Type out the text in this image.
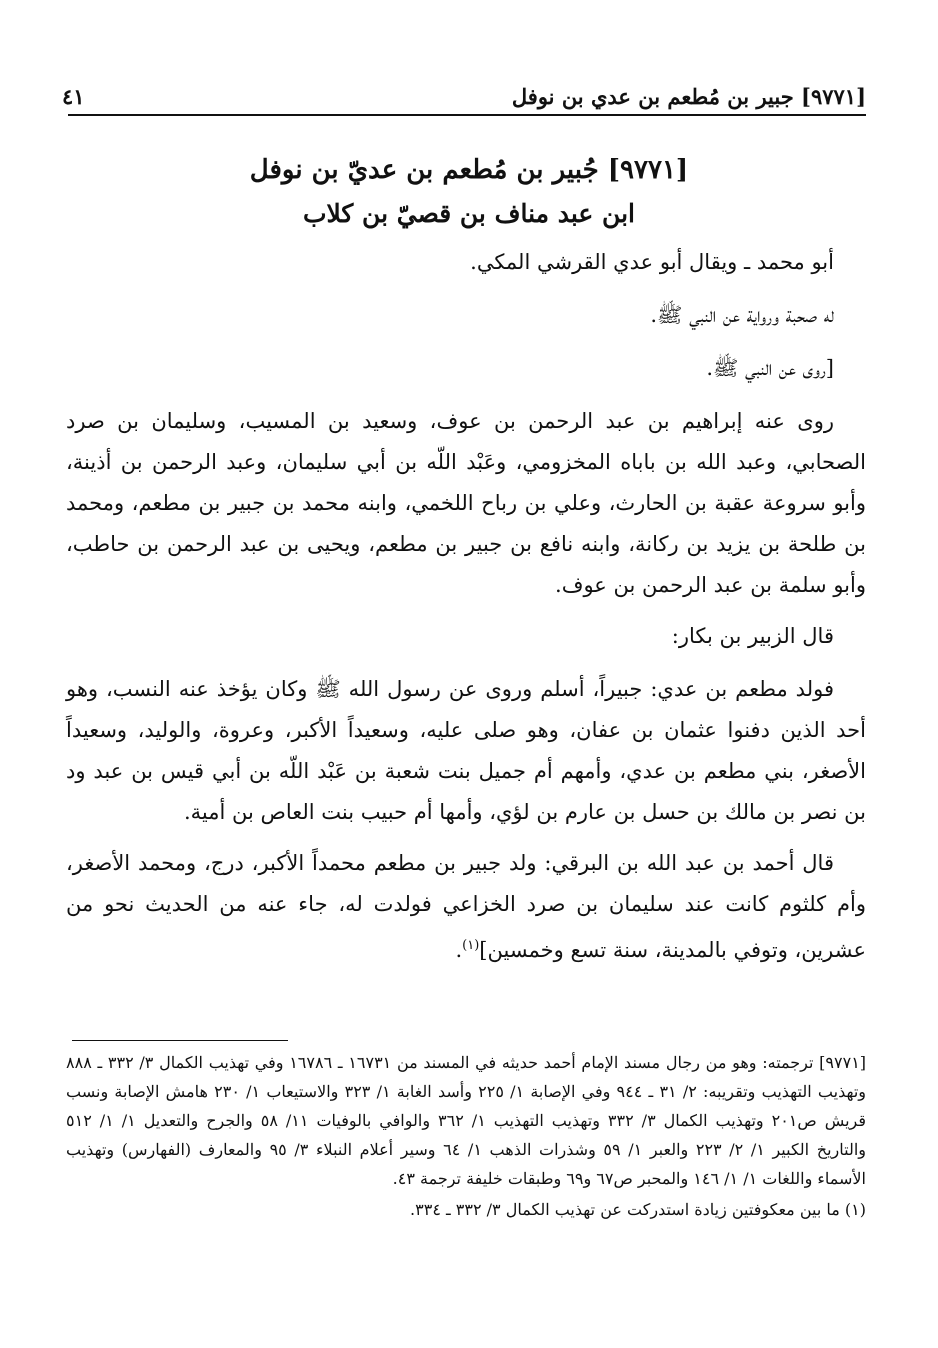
[٩٧٧١] جبير بن مُطعم بن عدي بن نوفل
٤١
[٩٧٧١] جُبير بن مُطعم بن عديّ بن نوفل
ابن عبد مناف بن قصيّ بن كلاب

أبو محمد ـ ويقال أبو عدي القرشي المكي.

له صحبة ورواية عن النبي ﷺ.

[روى عن النبي ﷺ.

روى عنه إبراهيم بن عبد الرحمن بن عوف، وسعيد بن المسيب، وسليمان بن صرد الصحابي، وعبد الله بن باباه المخزومي، وعَبْد اللّه بن أبي سليمان، وعبد الرحمن بن أذينة، وأبو سروعة عقبة بن الحارث، وعلي بن رباح اللخمي، وابنه محمد بن جبير بن مطعم، ومحمد بن طلحة بن يزيد بن ركانة، وابنه نافع بن جبير بن مطعم، ويحيى بن عبد الرحمن بن حاطب، وأبو سلمة بن عبد الرحمن بن عوف.

قال الزبير بن بكار:

فولد مطعم بن عدي: جبيراً، أسلم وروى عن رسول الله ﷺ وكان يؤخذ عنه النسب، وهو أحد الذين دفنوا عثمان بن عفان، وهو صلى عليه، وسعيداً الأكبر، وعروة، والوليد، وسعيداً الأصغر، بني مطعم بن عدي، وأمهم أم جميل بنت شعبة بن عَبْد اللّه بن أبي قيس بن عبد ود بن نصر بن مالك بن حسل بن عارم بن لؤي، وأمها أم حبيب بنت العاص بن أمية.

قال أحمد بن عبد الله بن البرقي: ولد جبير بن مطعم محمداً الأكبر، درج، ومحمد الأصغر، وأم كلثوم كانت عند سليمان بن صرد الخزاعي فولدت له، جاء عنه من الحديث نحو من عشرين، وتوفي بالمدينة، سنة تسع وخمسين]$^{(١)}$.

[٩٧٧١] ترجمته: وهو من رجال مسند الإمام أحمد حديثه في المسند من ١٦٧٣١ ـ ١٦٧٨٦ وفي تهذيب الكمال ٣/ ٣٣٢ ـ ٨٨٨ وتهذيب التهذيب وتقريبه: ٢/ ٣١ ـ ٩٤٤ وفي الإصابة ١/ ٢٢٥ وأسد الغابة ١/ ٣٢٣ والاستيعاب ١/ ٢٣٠ هامش الإصابة ونسب قريش ص٢٠١ وتهذيب الكمال ٣/ ٣٣٢ وتهذيب التهذيب ١/ ٣٦٢ والوافي بالوفيات ١١/ ٥٨ والجرح والتعديل ١/ ١/ ٥١٢ والتاريخ الكبير ١/ ٢/ ٢٢٣ والعبر ١/ ٥٩ وشذرات الذهب ١/ ٦٤ وسير أعلام النبلاء ٣/ ٩٥ والمعارف (الفهارس) وتهذيب الأسماء واللغات ١/ ١/ ١٤٦ والمحبر ص٦٧ و٦٩ وطبقات خليفة ترجمة ٤٣.

(١) ما بين معكوفتين زيادة استدركت عن تهذيب الكمال ٣/ ٣٣٢ ـ ٣٣٤.
